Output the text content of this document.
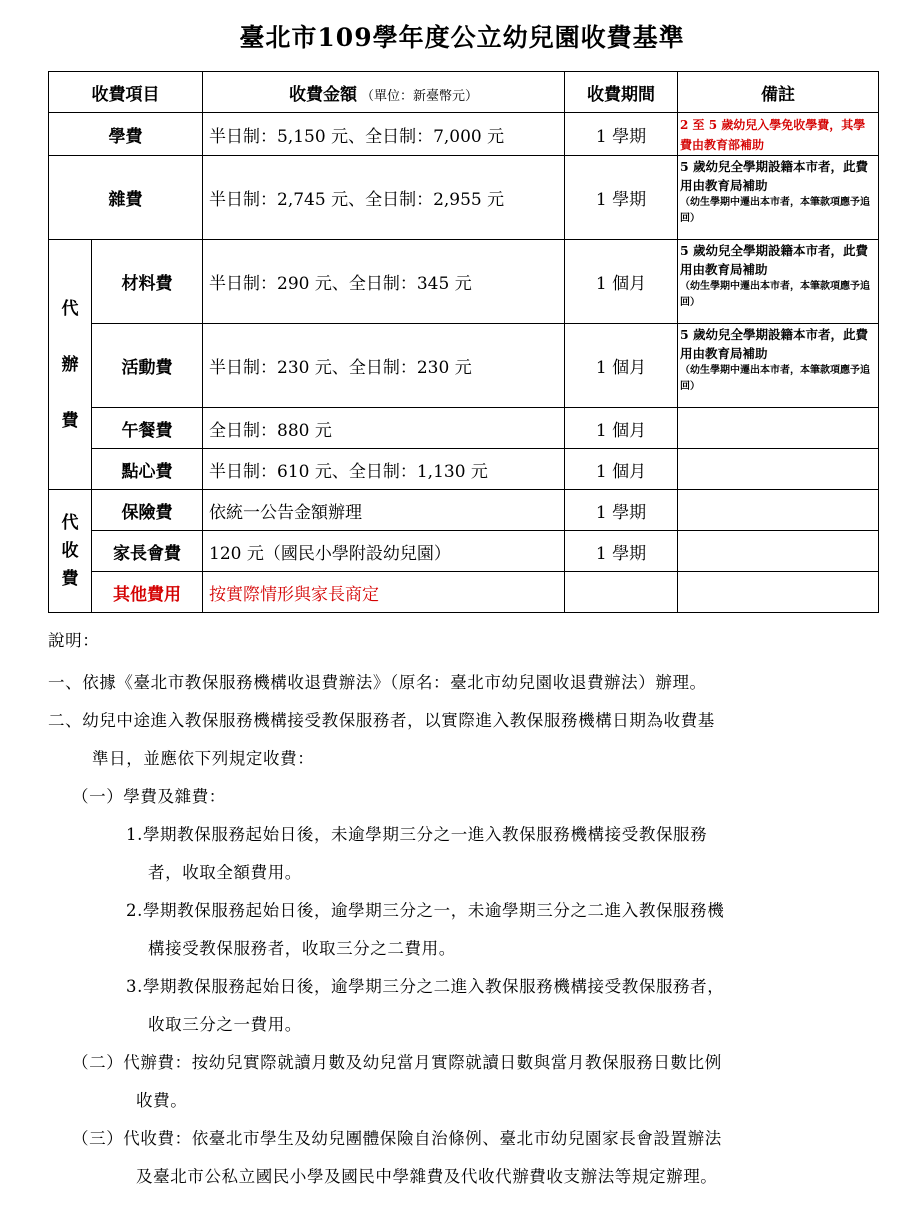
臺北市109學年度公立幼兒園收費基準
收費項目		收費金額 （單位：新臺幣元）	收費期間	備註
學費		半日制：5,150 元、全日制：7,000 元	1 學期	2 至 5 歲幼兒入學免收學費，其學費由教育部補助
雜費		半日制：2,745 元、全日制：2,955 元	1 學期	5 歲幼兒全學期設籍本市者，此費用由教育局補助
（幼生學期中遷出本市者，本筆款項應予追回）

代辦費	材料費	半日制：290 元、全日制：345 元	1 個月	5 歲幼兒全學期設籍本市者，此費用由教育局補助
（幼生學期中遷出本市者，本筆款項應予追回）

	活動費	半日制：230 元、全日制：230 元	1 個月	5 歲幼兒全學期設籍本市者，此費用由教育局補助
（幼生學期中遷出本市者，本筆款項應予追回）

	午餐費	全日制：880 元	1 個月	
	點心費	半日制：610 元、全日制：1,130 元	1 個月	
代收費	保險費	依統一公告金額辦理	1 學期	
	家長會費	120 元（國民小學附設幼兒園）	1 學期	
	其他費用	按實際情形與家長商定		

說明：

一、依據《臺北市教保服務機構收退費辦法》（原名：臺北市幼兒園收退費辦法）辦理。

二、幼兒中途進入教保服務機構接受教保服務者，以實際進入教保服務機構日期為收費基

準日，並應依下列規定收費：

（一）學費及雜費：

1.學期教保服務起始日後，未逾學期三分之一進入教保服務機構接受教保服務

者，收取全額費用。

2.學期教保服務起始日後，逾學期三分之一，未逾學期三分之二進入教保服務機

構接受教保服務者，收取三分之二費用。

3.學期教保服務起始日後，逾學期三分之二進入教保服務機構接受教保服務者，

收取三分之一費用。

（二）代辦費：按幼兒實際就讀月數及幼兒當月實際就讀日數與當月教保服務日數比例

收費。

（三）代收費：依臺北市學生及幼兒團體保險自治條例、臺北市幼兒園家長會設置辦法

及臺北市公私立國民小學及國民中學雜費及代收代辦費收支辦法等規定辦理。
